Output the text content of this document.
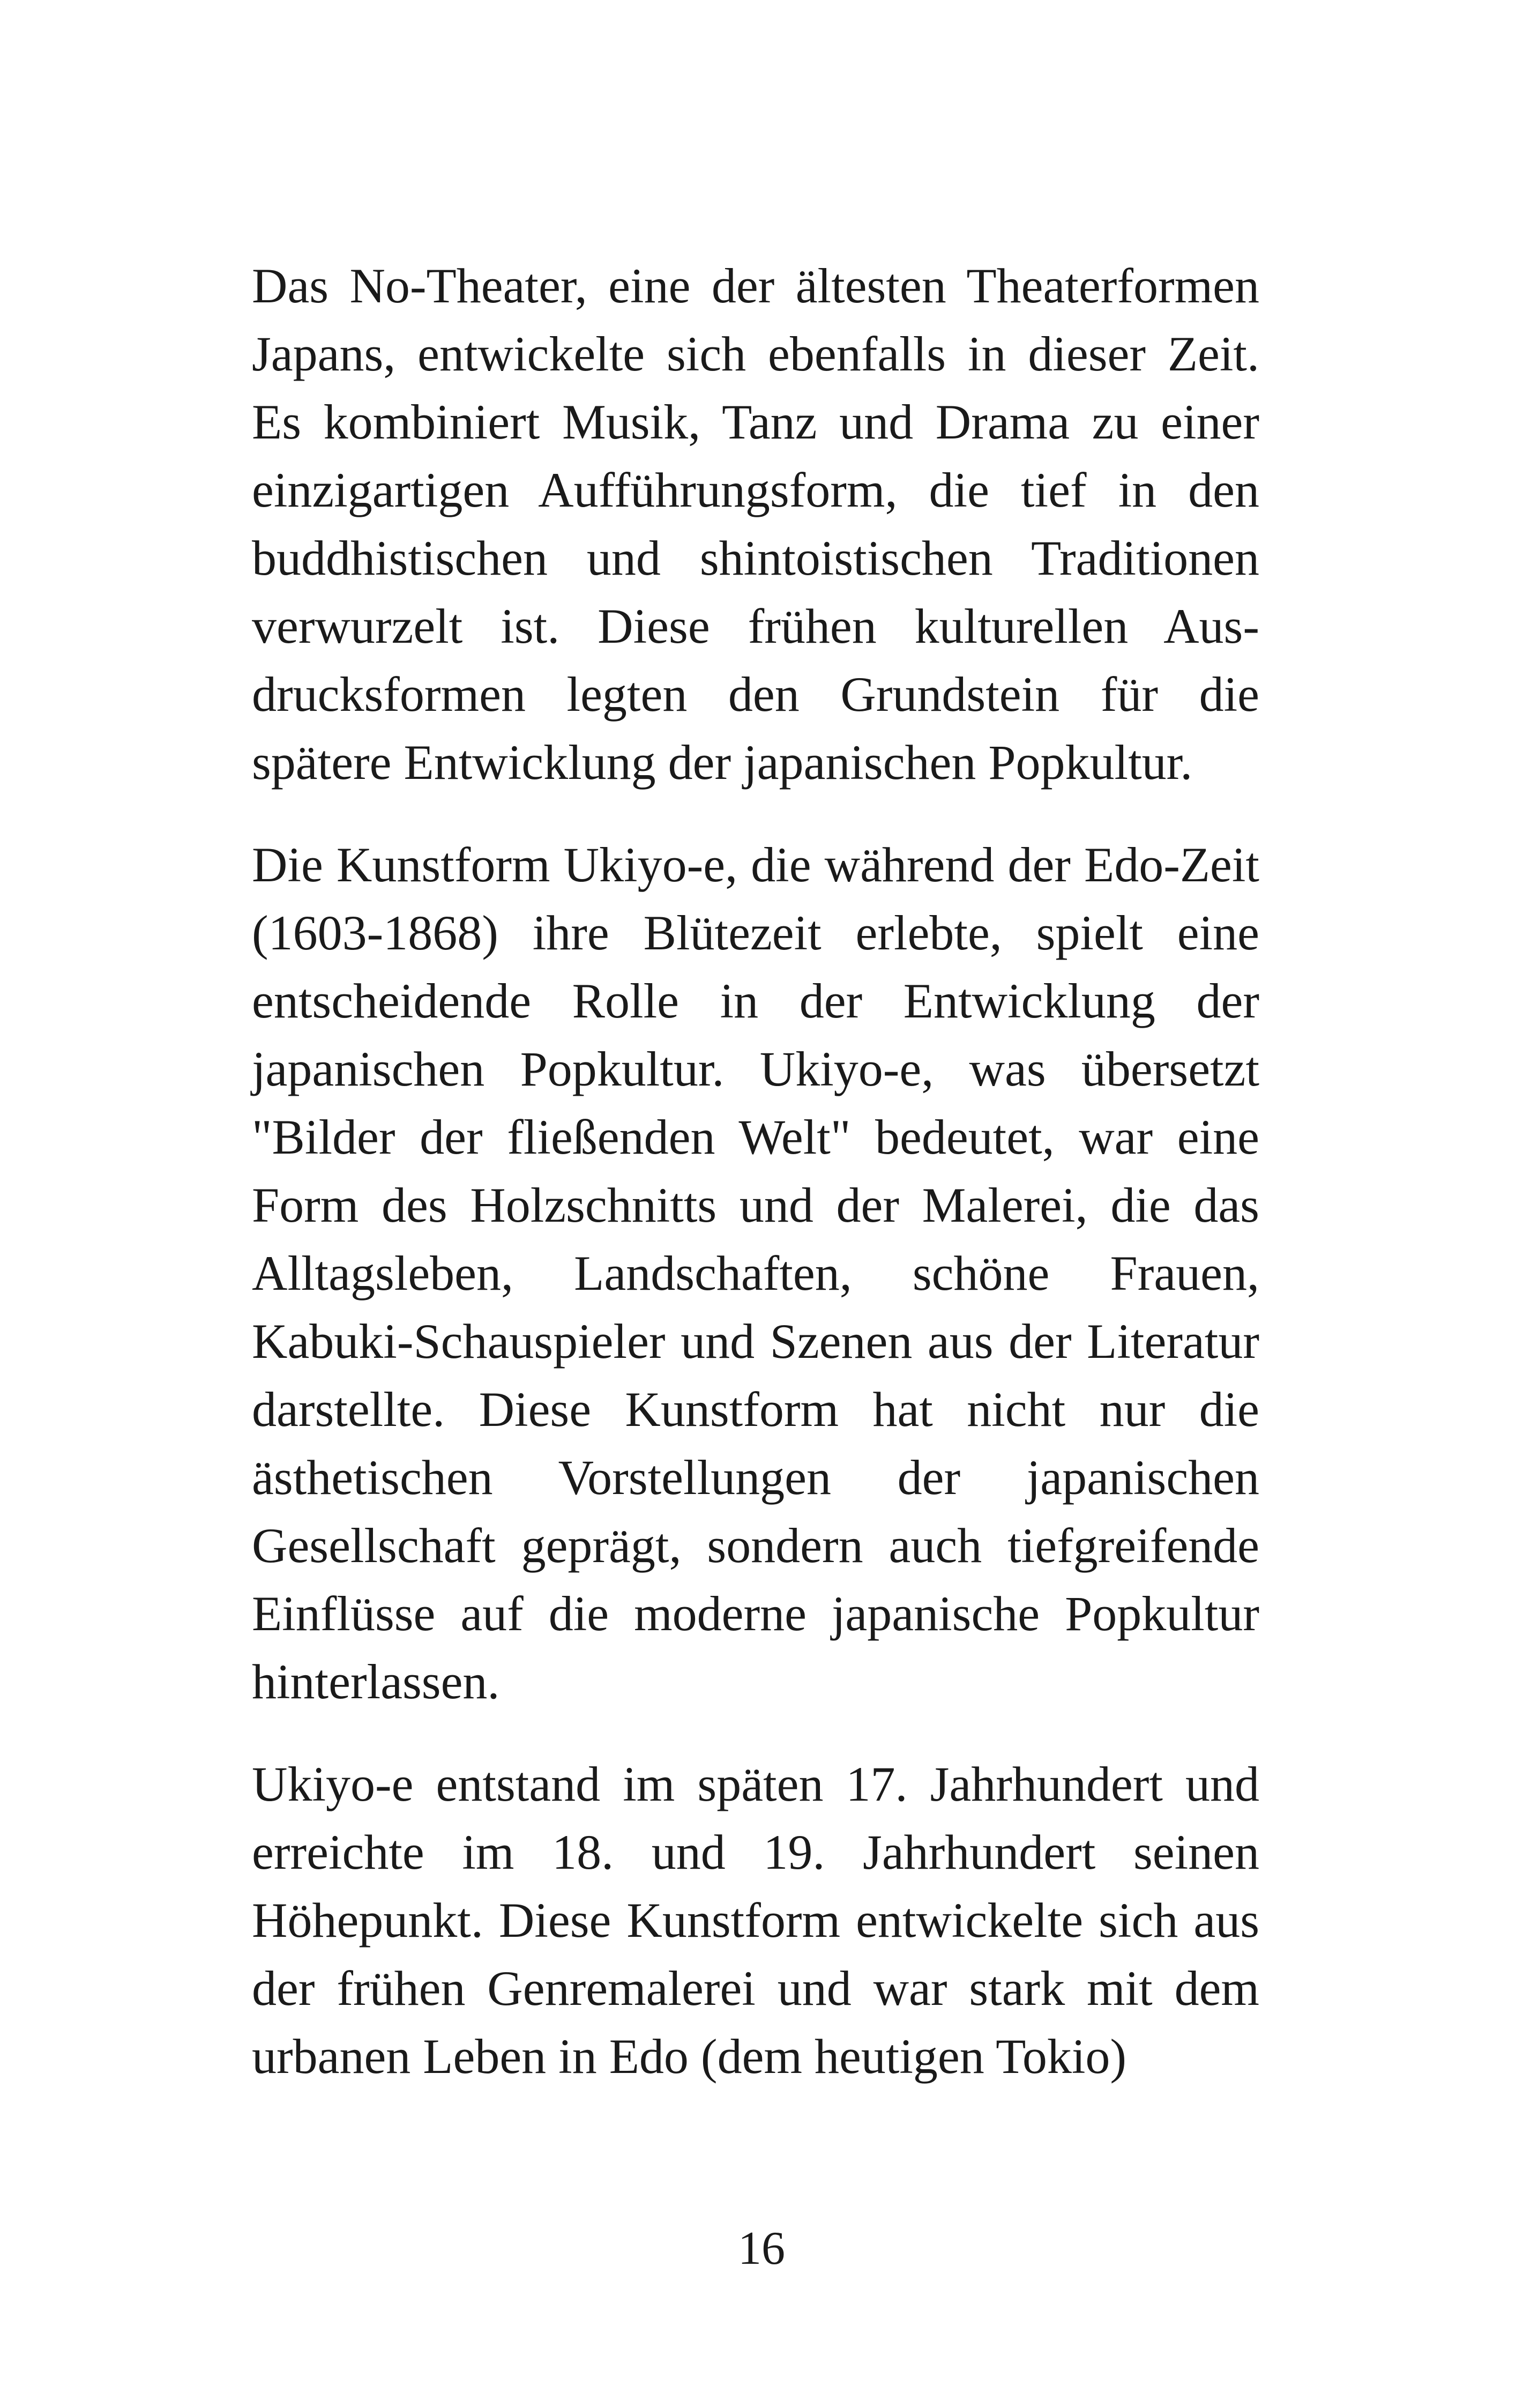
Das No-Theater, eine der ältesten Theaterformen Japans, entwickelte sich ebenfalls in dieser Zeit. Es kombiniert Musik, Tanz und Drama zu einer einzigartigen Aufführungsform, die tief in den buddhistischen und shintoistischen Traditionen verwurzelt ist. Diese frühen kulturellen Ausdrucksformen legten den Grundstein für die spätere Entwicklung der japanischen Popkultur.

Die Kunstform Ukiyo-e, die während der Edo-Zeit (1603-1868) ihre Blütezeit erlebte, spielt eine entscheidende Rolle in der Entwicklung der japanischen Popkultur. Ukiyo-e, was übersetzt "Bilder der fließenden Welt" bedeutet, war eine Form des Holzschnitts und der Malerei, die das Alltagsleben, Landschaften, schöne Frauen, Kabuki-Schauspieler und Szenen aus der Literatur darstellte. Diese Kunstform hat nicht nur die ästhetischen Vorstellungen der japanischen Gesellschaft geprägt, sondern auch tiefgreifende Einflüsse auf die moderne japanische Popkultur hinterlassen.

Ukiyo-e entstand im späten 17. Jahrhundert und erreichte im 18. und 19. Jahrhundert seinen Höhepunkt. Diese Kunstform entwickelte sich aus der frühen Genremalerei und war stark mit dem urbanen Leben in Edo (dem heutigen Tokio)

16
